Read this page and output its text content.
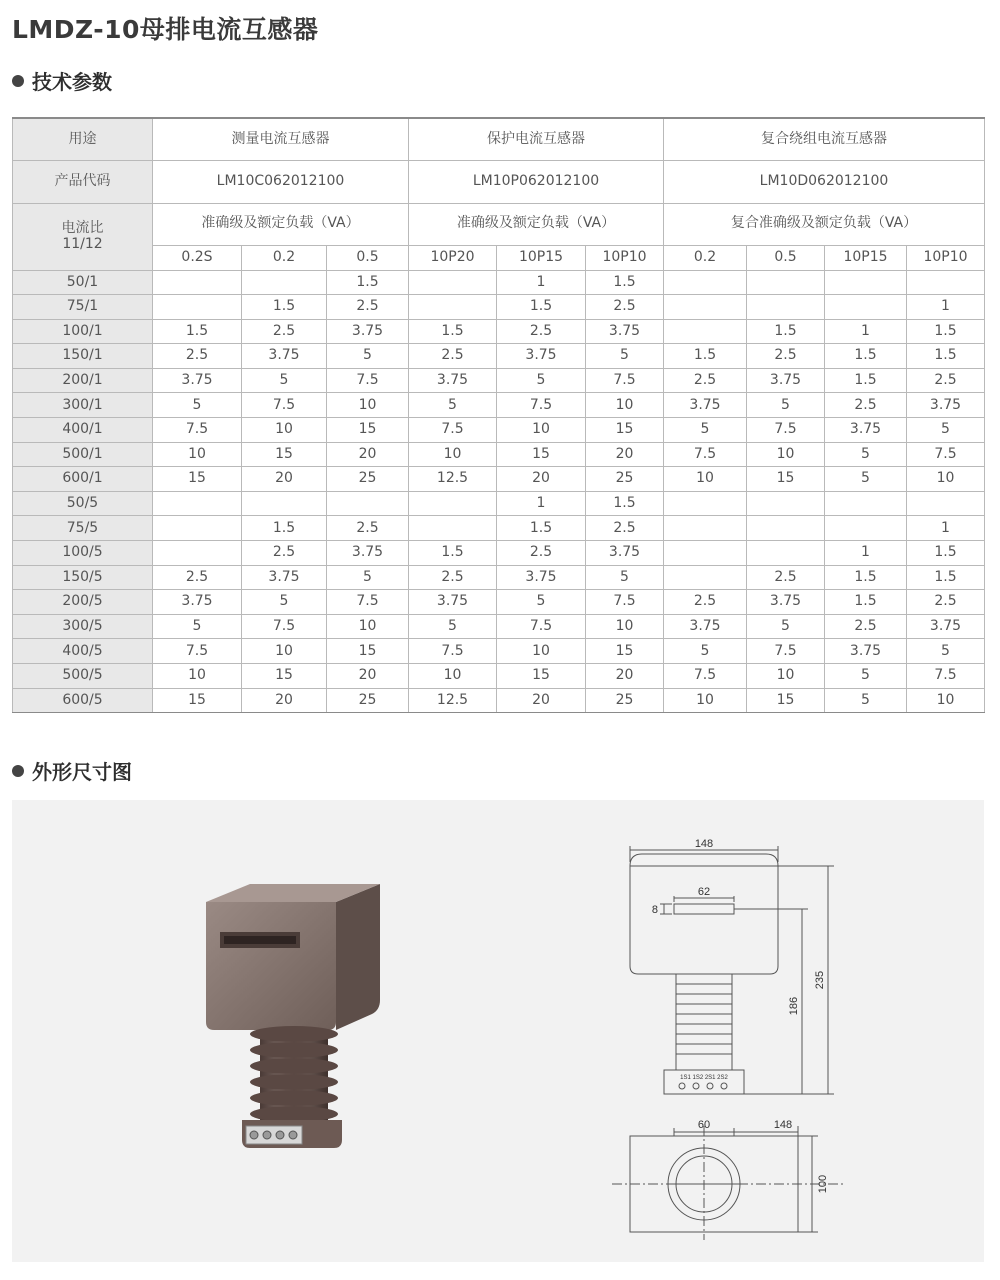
LMDZ-10母排电流互感器
技术参数
用途	测量电流互感器			保护电流互感器			复合绕组电流互感器			
产品代码	LM10C062012100			LM10P062012100			LM10D062012100			

电流比
11/12	准确级及额定负载（VA）			准确级及额定负载（VA）			复合准确级及额定负载（VA）			
	0.2S	0.2	0.5	10P20	10P15	10P10	0.2	0.5	10P15	10P10
50/1			1.5		1	1.5				
75/1		1.5	2.5		1.5	2.5				1
100/1	1.5	2.5	3.75	1.5	2.5	3.75		1.5	1	1.5
150/1	2.5	3.75	5	2.5	3.75	5	1.5	2.5	1.5	1.5
200/1	3.75	5	7.5	3.75	5	7.5	2.5	3.75	1.5	2.5
300/1	5	7.5	10	5	7.5	10	3.75	5	2.5	3.75
400/1	7.5	10	15	7.5	10	15	5	7.5	3.75	5
500/1	10	15	20	10	15	20	7.5	10	5	7.5
600/1	15	20	25	12.5	20	25	10	15	5	10
50/5					1	1.5				
75/5		1.5	2.5		1.5	2.5				1
100/5		2.5	3.75	1.5	2.5	3.75			1	1.5
150/5	2.5	3.75	5	2.5	3.75	5		2.5	1.5	1.5
200/5	3.75	5	7.5	3.75	5	7.5	2.5	3.75	1.5	2.5
300/5	5	7.5	10	5	7.5	10	3.75	5	2.5	3.75
400/5	7.5	10	15	7.5	10	15	5	7.5	3.75	5
500/5	10	15	20	10	15	20	7.5	10	5	7.5
600/5	15	20	25	12.5	20	25	10	15	5	10
外形尺寸图
148
62
8
186
235
60	148
100
1S1 1S2 2S1 2S2
